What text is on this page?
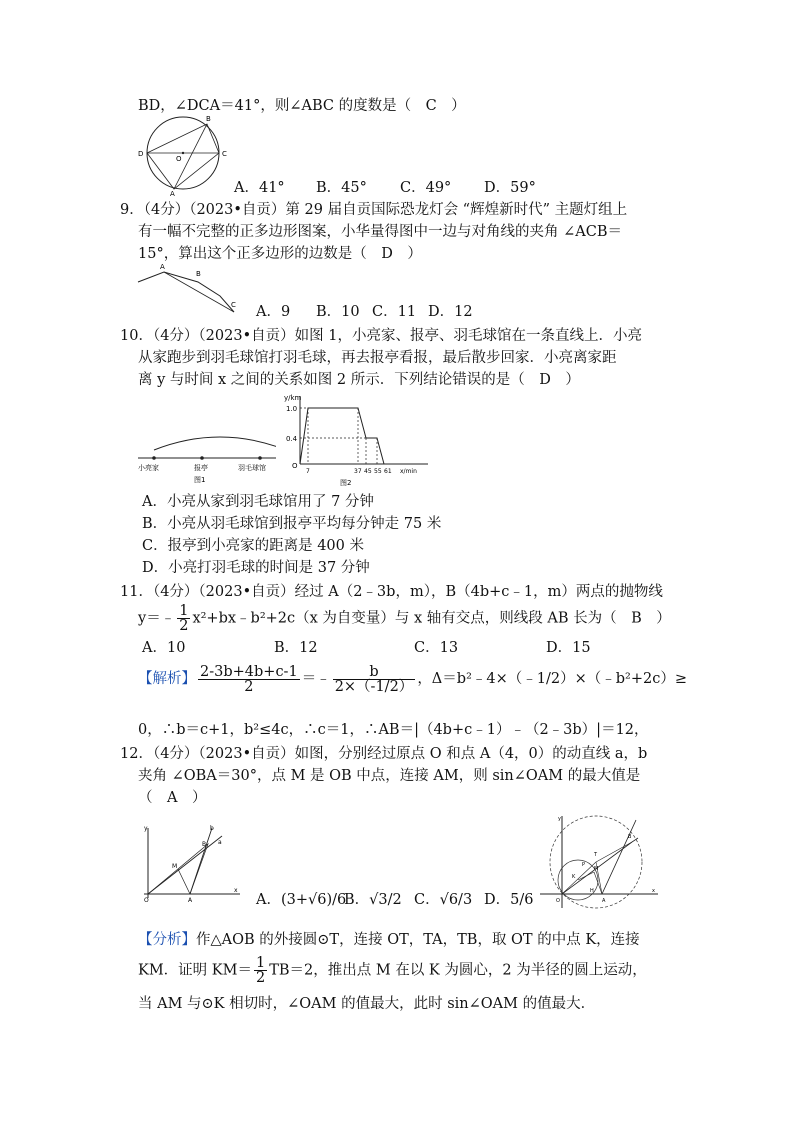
BD，∠DCA＝41°，则∠ABC 的度数是（　C　）
B
D
O
C
A	A．41° B．45° C．49° D．59°
9．（4分）（2023•自贡）第 29 届自贡国际恐龙灯会 “辉煌新时代” 主题灯组上
有一幅不完整的正多边形图案，小华量得图中一边与对角线的夹角 ∠ACB＝
15°，算出这个正多边形的边数是（　D　）
A
B
C A．9 B．10 C．11 D．12
10．（4分）（2023•自贡）如图 1，小亮家、报亭、羽毛球馆在一条直线上．小亮
从家跑步到羽毛球馆打羽毛球，再去报亭看报，最后散步回家．小亮离家距
离 y 与时间 x 之间的关系如图 2 所示．下列结论错误的是（　D　）
小亮家	报亭	羽毛球馆
图1
y/km
1.0
0.4
O
7	37 45 55 61 x/min
图2
A．小亮从家到羽毛球馆用了 7 分钟
B．小亮从羽毛球馆到报亭平均每分钟走 75 米
C．报亭到小亮家的距离是 400 米
D．小亮打羽毛球的时间是 37 分钟
11．（4分）（2023•自贡）经过 A（2﹣3b，m），B（4b+c﹣1，m）两点的抛物线
y＝﹣ $\frac{1}{2}$ x²+bx﹣b²+2c（x 为自变量）与 x 轴有交点，则线段 AB 长为（　B　）
A．10	B．12	C．13	D．15
【解析】 $\frac{2-3b+4b+c-1}{2}$ ＝﹣ $\frac{b}{2\times(-1/2)}$ ，Δ＝b²﹣4×（﹣1/2）×（﹣b²+2c）≥
0，∴b＝c+1，b²≤4c，∴c＝1，∴AB＝|（4b+c﹣1）﹣（2﹣3b）|＝12，
12．（4分）（2023•自贡）如图，分别经过原点 O 和点 A（4，0）的动直线 a，b
夹角 ∠OBA＝30°，点 M 是 OB 中点，连接 AM，则 sin∠OAM 的最大值是
（　A　）
y
x
O	A
M
B a
b
A．(3+√6)/6
B．√3/2 C．√6/3 D．5/6
y
x
O	A
B
T
K
M
P
H
【分析】作△AOB 的外接圆⊙T，连接 OT，TA，TB，取 OT 的中点 K，连接
KM．证明 $KM= \frac{1}{2} TB=2$，推出点 M 在以 K 为圆心，2 为半径的圆上运动，
当 AM 与⊙K 相切时，∠OAM 的值最大，此时 sin∠OAM 的值最大．
